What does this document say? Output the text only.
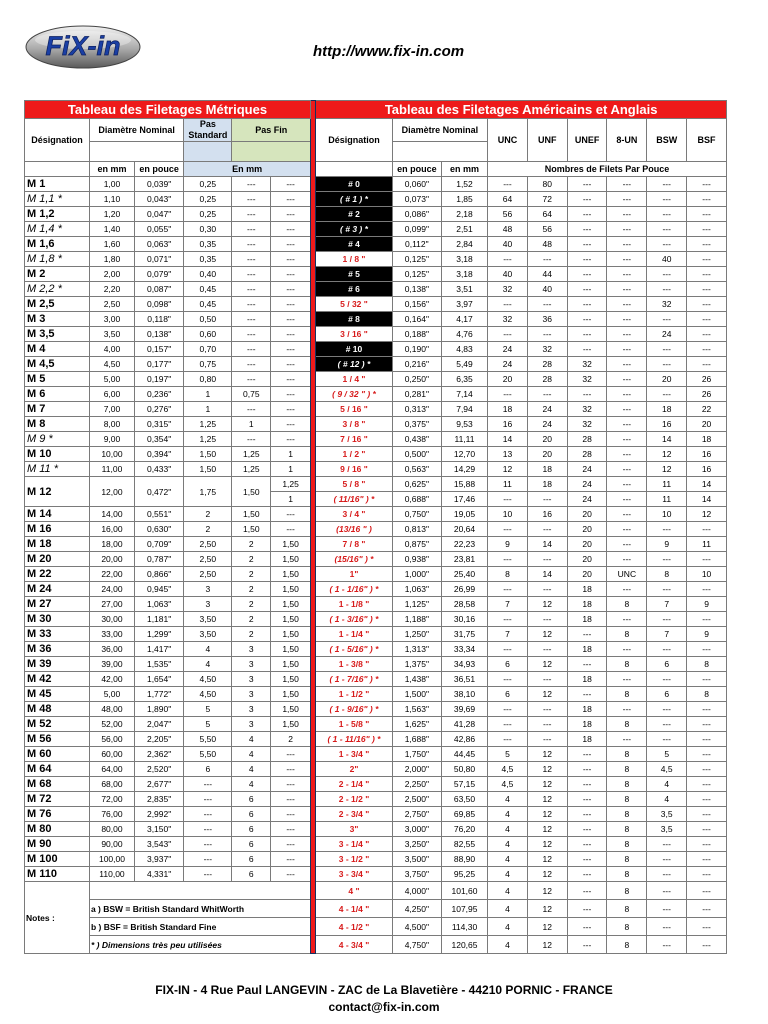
FiX-in	http://www.fix-in.com
Tableau des Filetages Métriques							Tableau des Filetages Américains et Anglais								
Désignation	Diamètre Nominal		Pas Standard	Pas Fin			Désignation	Diamètre Nominal		UNC	UNF	UNEF	8-UN	BSW	BSF

	en mm	en pouce	En mm					en pouce	en mm	Nombres de Filets Par Pouce					
M 1	1,00	0,039"	0,25	---	---		# 0	0,060"	1,52	---	80	---	---	---	---
M 1,1 *	1,10	0,043"	0,25	---	---		( # 1 ) *	0,073"	1,85	64	72	---	---	---	---
M 1,2	1,20	0,047"	0,25	---	---		# 2	0,086"	2,18	56	64	---	---	---	---
M 1,4 *	1,40	0,055"	0,30	---	---		( # 3 ) *	0,099"	2,51	48	56	---	---	---	---
M 1,6	1,60	0,063"	0,35	---	---		# 4	0,112"	2,84	40	48	---	---	---	---
M 1,8 *	1,80	0,071"	0,35	---	---		1 / 8 "	0,125"	3,18	---	---	---	---	40	---
M 2	2,00	0,079"	0,40	---	---		# 5	0,125"	3,18	40	44	---	---	---	---
M 2,2 *	2,20	0,087"	0,45	---	---		# 6	0,138"	3,51	32	40	---	---	---	---
M 2,5	2,50	0,098"	0,45	---	---		5 / 32 "	0,156"	3,97	---	---	---	---	32	---
M 3	3,00	0,118"	0,50	---	---		# 8	0,164"	4,17	32	36	---	---	---	---
M 3,5	3,50	0,138"	0,60	---	---		3 / 16 "	0,188"	4,76	---	---	---	---	24	---
M 4	4,00	0,157"	0,70	---	---		# 10	0,190"	4,83	24	32	---	---	---	---
M 4,5	4,50	0,177"	0,75	---	---		( # 12 ) *	0,216"	5,49	24	28	32	---	---	---
M 5	5,00	0,197"	0,80	---	---		1 / 4 "	0,250"	6,35	20	28	32	---	20	26
M 6	6,00	0,236"	1	0,75	---		( 9 / 32 " ) *	0,281"	7,14	---	---	---	---	---	26
M 7	7,00	0,276"	1	---	---		5 / 16 "	0,313"	7,94	18	24	32	---	18	22
M 8	8,00	0,315"	1,25	1	---		3 / 8 "	0,375"	9,53	16	24	32	---	16	20
M 9 *	9,00	0,354"	1,25	---	---		7 / 16 "	0,438"	11,11	14	20	28	---	14	18
M 10	10,00	0,394"	1,50	1,25	1		1 / 2 "	0,500"	12,70	13	20	28	---	12	16
M 11 *	11,00	0,433"	1,50	1,25	1		9 / 16 "	0,563"	14,29	12	18	24	---	12	16
M 12	12,00	0,472"	1,75	1,50	1,25		5 / 8 "	0,625"	15,88	11	18	24	---	11	14
					1		( 11/16" ) *	0,688"	17,46	---	---	24	---	11	14
M 14	14,00	0,551"	2	1,50	---		3 / 4 "	0,750"	19,05	10	16	20	---	10	12
M 16	16,00	0,630"	2	1,50	---		(13/16 " )	0,813"	20,64	---	---	20	---	---	---
M 18	18,00	0,709"	2,50	2	1,50		7 / 8 "	0,875"	22,23	9	14	20	---	9	11
M 20	20,00	0,787"	2,50	2	1,50		(15/16" ) *	0,938"	23,81	---	---	20	---	---	---
M 22	22,00	0,866"	2,50	2	1,50		1"	1,000"	25,40	8	14	20	UNC	8	10
M 24	24,00	0,945"	3	2	1,50		( 1 - 1/16" ) *	1,063"	26,99	---	---	18	---	---	---
M 27	27,00	1,063"	3	2	1,50		1 - 1/8 "	1,125"	28,58	7	12	18	8	7	9
M 30	30,00	1,181"	3,50	2	1,50		( 1 - 3/16" ) *	1,188"	30,16	---	---	18	---	---	---
M 33	33,00	1,299"	3,50	2	1,50		1 - 1/4 "	1,250"	31,75	7	12	---	8	7	9
M 36	36,00	1,417"	4	3	1,50		( 1 - 5/16" ) *	1,313"	33,34	---	---	18	---	---	---
M 39	39,00	1,535"	4	3	1,50		1 - 3/8 "	1,375"	34,93	6	12	---	8	6	8
M 42	42,00	1,654"	4,50	3	1,50		( 1 - 7/16" ) *	1,438"	36,51	---	---	18	---	---	---
M 45	5,00	1,772"	4,50	3	1,50		1 - 1/2 "	1,500"	38,10	6	12	---	8	6	8
M 48	48,00	1,890"	5	3	1,50		( 1 - 9/16" ) *	1,563"	39,69	---	---	18	---	---	---
M 52	52,00	2,047"	5	3	1,50		1 - 5/8 "	1,625"	41,28	---	---	18	8	---	---
M 56	56,00	2,205"	5,50	4	2		( 1 - 11/16" ) *	1,688"	42,86	---	---	18	---	---	---
M 60	60,00	2,362"	5,50	4	---		1 - 3/4 "	1,750"	44,45	5	12	---	8	5	---
M 64	64,00	2,520"	6	4	---		2"	2,000"	50,80	4,5	12	---	8	4,5	---
M 68	68,00	2,677"	---	4	---		2 - 1/4 "	2,250"	57,15	4,5	12	---	8	4	---
M 72	72,00	2,835"	---	6	---		2 - 1/2 "	2,500"	63,50	4	12	---	8	4	---
M 76	76,00	2,992"	---	6	---		2 - 3/4 "	2,750"	69,85	4	12	---	8	3,5	---
M 80	80,00	3,150"	---	6	---		3"	3,000"	76,20	4	12	---	8	3,5	---
M 90	90,00	3,543"	---	6	---		3 - 1/4 "	3,250"	82,55	4	12	---	8	---	---
M 100	100,00	3,937"	---	6	---		3 - 1/2 "	3,500"	88,90	4	12	---	8	---	---
M 110	110,00	4,331"	---	6	---		3 - 3/4 "	3,750"	95,25	4	12	---	8	---	---
Notes :							4 "	4,000"	101,60	4	12	---	8	---	---
	a ) BSW = British Standard WhitWorth						4 - 1/4 "	4,250"	107,95	4	12	---	8	---	---
	b ) BSF = British Standard Fine						4 - 1/2 "	4,500"	114,30	4	12	---	8	---	---
	* ) Dimensions très peu utilisées						4 - 3/4 "	4,750"	120,65	4	12	---	8	---	---
FIX-IN - 4 Rue Paul LANGEVIN - ZAC de La Blavetière - 44210 PORNIC - FRANCE
contact@fix-in.com
